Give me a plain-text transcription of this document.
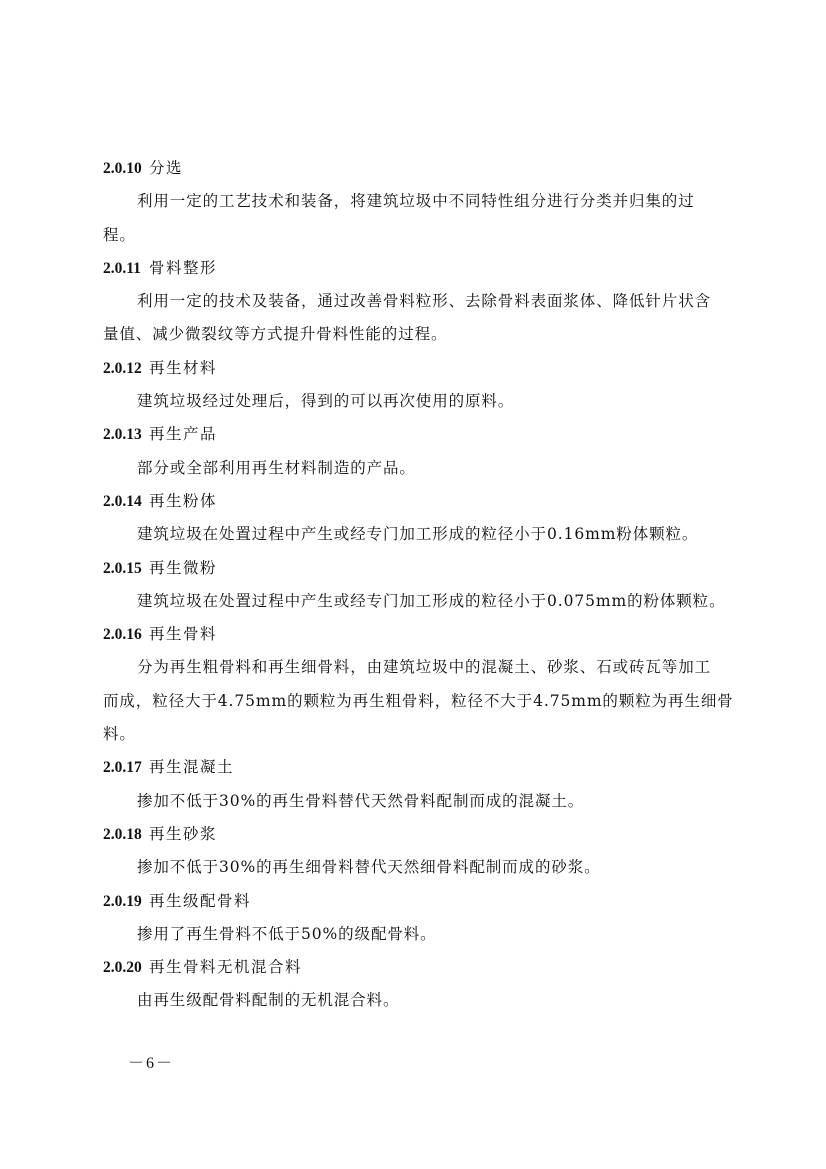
2.0.10 分选
利用一定的工艺技术和装备，将建筑垃圾中不同特性组分进行分类并归集的过
程。
2.0.11 骨料整形
利用一定的技术及装备，通过改善骨料粒形、去除骨料表面浆体、降低针片状含
量值、减少微裂纹等方式提升骨料性能的过程。
2.0.12 再生材料
建筑垃圾经过处理后，得到的可以再次使用的原料。
2.0.13 再生产品
部分或全部利用再生材料制造的产品。
2.0.14 再生粉体
建筑垃圾在处置过程中产生或经专门加工形成的粒径小于0.16mm粉体颗粒。
2.0.15 再生微粉
建筑垃圾在处置过程中产生或经专门加工形成的粒径小于0.075mm的粉体颗粒。
2.0.16 再生骨料
分为再生粗骨料和再生细骨料，由建筑垃圾中的混凝土、砂浆、石或砖瓦等加工
而成，粒径大于4.75mm的颗粒为再生粗骨料，粒径不大于4.75mm的颗粒为再生细骨
料。
2.0.17 再生混凝土
掺加不低于30%的再生骨料替代天然骨料配制而成的混凝土。
2.0.18 再生砂浆
掺加不低于30%的再生细骨料替代天然细骨料配制而成的砂浆。
2.0.19 再生级配骨料
掺用了再生骨料不低于50%的级配骨料。
2.0.20 再生骨料无机混合料
由再生级配骨料配制的无机混合料。
－6－
